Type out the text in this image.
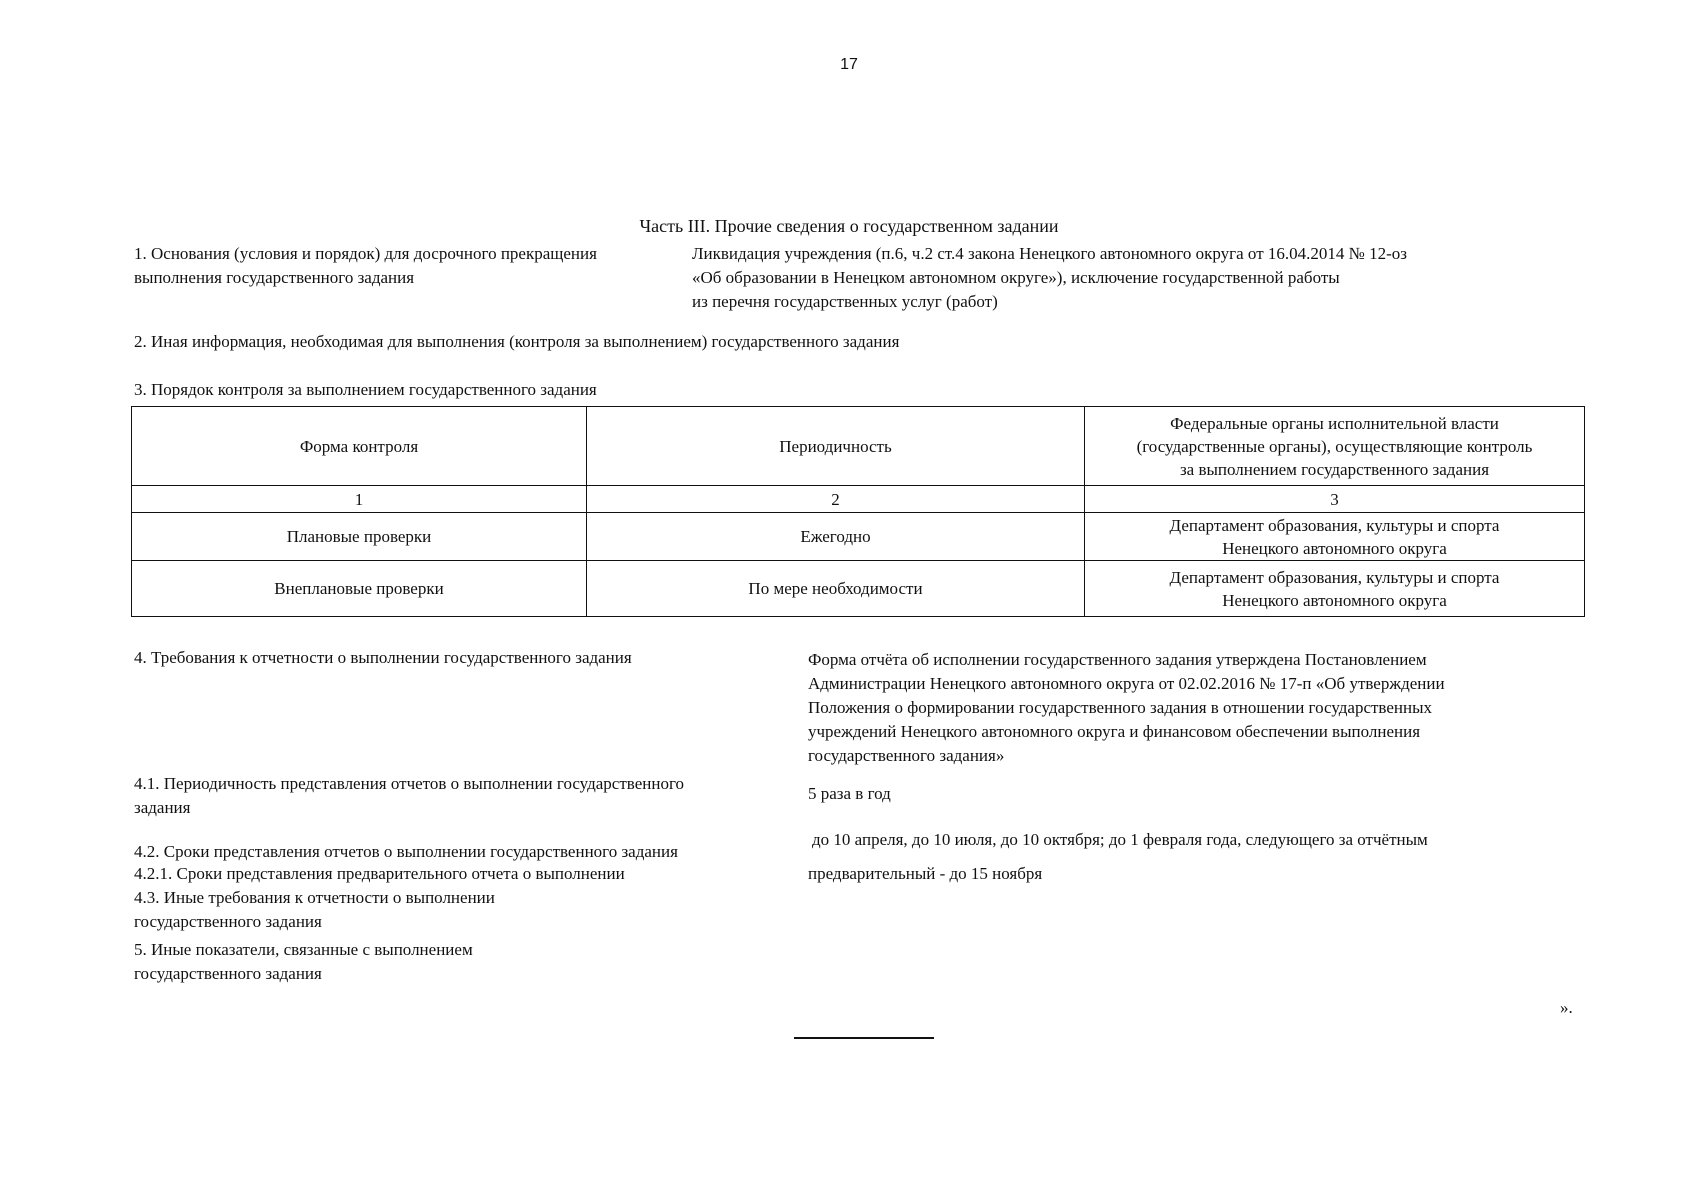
17
Часть III. Прочие сведения о государственном задании
1. Основания (условия и порядок) для досрочного прекращения
выполнения государственного задания
Ликвидация учреждения (п.6, ч.2 ст.4 закона Ненецкого автономного округа от 16.04.2014 № 12-оз
«Об образовании в Ненецком автономном округе»), исключение государственной работы
из перечня государственных услуг (работ)
2. Иная информация, необходимая для выполнения (контроля за выполнением) государственного задания
3. Порядок контроля за выполнением государственного задания
Форма контроля	Периодичность	Федеральные органы исполнительной власти
(государственные органы), осуществляющие контроль
за выполнением государственного задания

1	2	3
Плановые проверки	Ежегодно	Департамент образования, культуры и спорта
Ненецкого автономного округа

Внеплановые проверки	По мере необходимости	Департамент образования, культуры и спорта
Ненецкого автономного округа
4. Требования к отчетности о выполнении государственного задания	Форма отчёта об исполнении государственного задания утверждена Постановлением
Администрации Ненецкого автономного округа от 02.02.2016 № 17-п «Об утверждении
Положения о формировании государственного задания в отношении государственных
учреждений Ненецкого автономного округа и финансовом обеспечении выполнения
государственного задания»
4.1. Периодичность представления отчетов о выполнении государственного
задания
5 раза в год
4.2. Сроки представления отчетов о выполнении государственного задания
до 10 апреля, до 10 июля, до 10 октября; до 1 февраля года, следующего за отчётным
4.2.1. Сроки представления предварительного отчета о выполнении	предварительный - до 15 ноября
4.3. Иные требования к отчетности о выполнении
государственного задания
5. Иные показатели, связанные с выполнением
государственного задания
».
